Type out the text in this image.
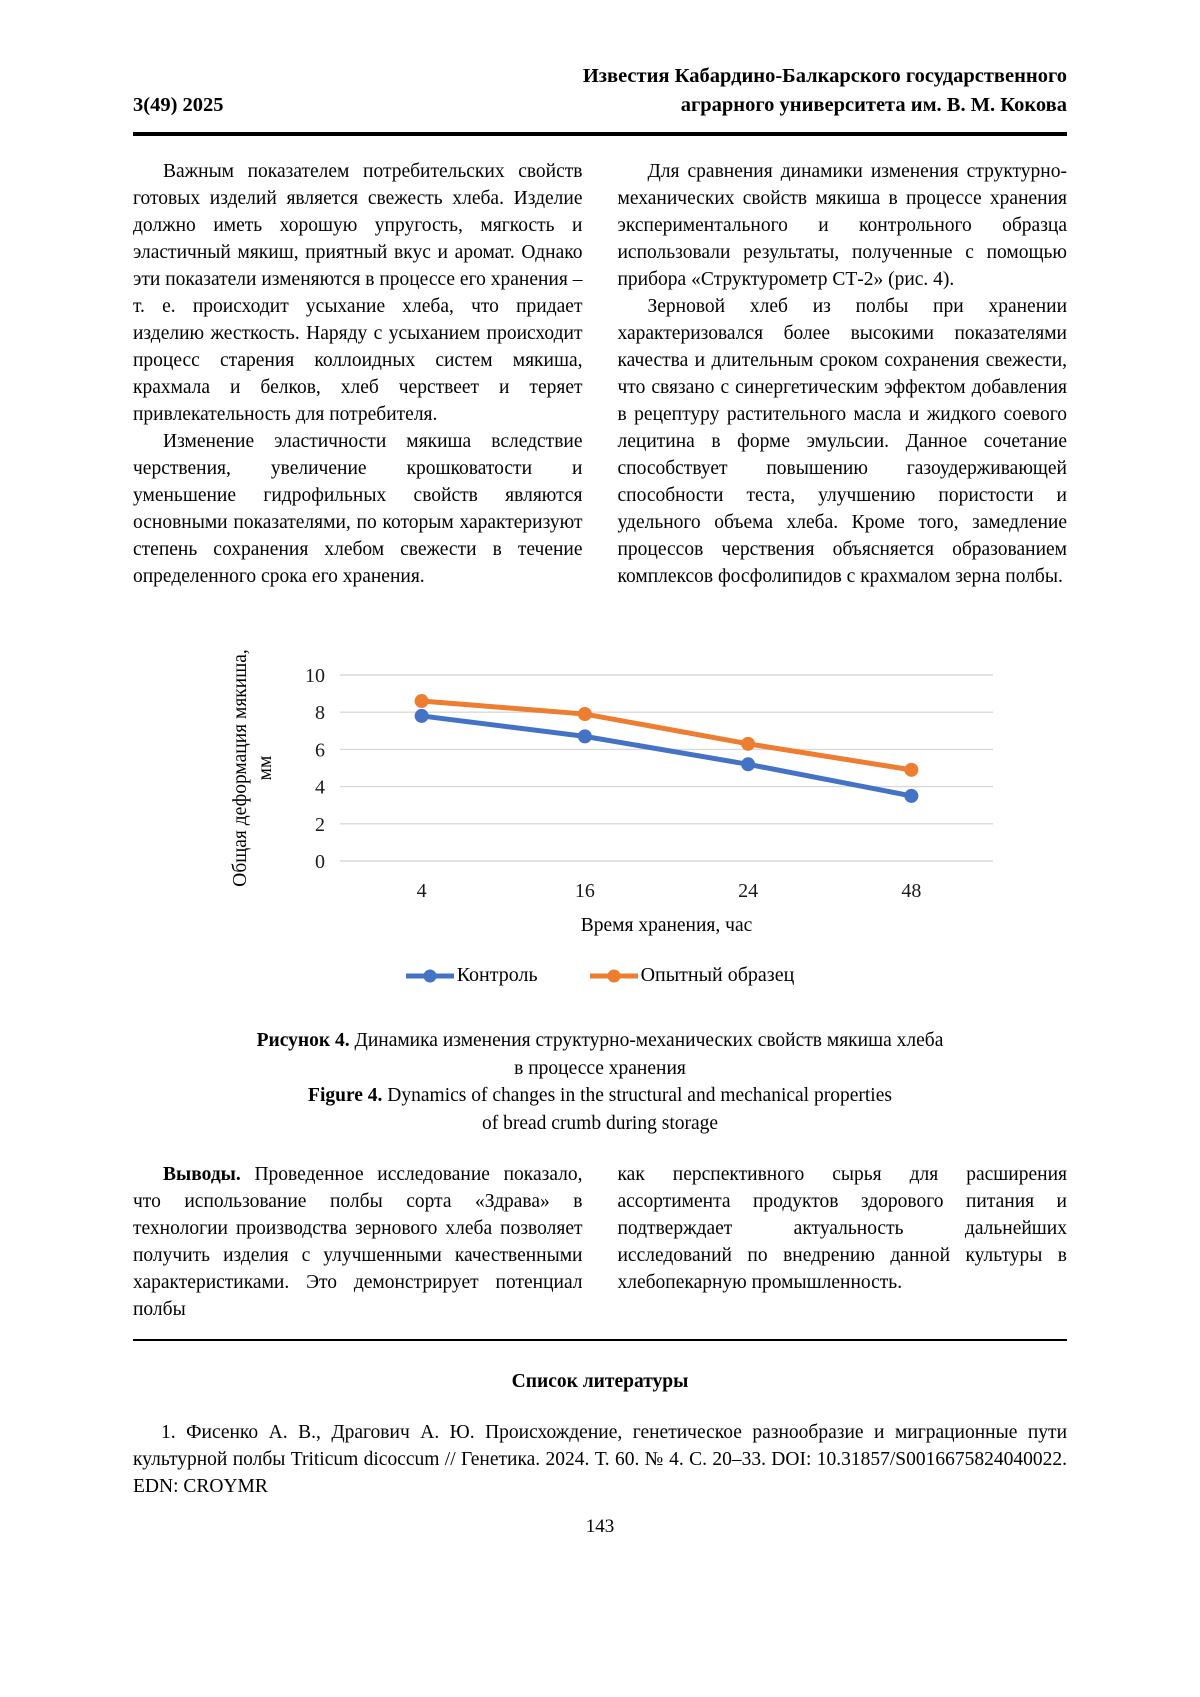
3(49) 2025
Известия Кабардино-Балкарского государственного
аграрного университета им. В. М. Кокова

Важным показателем потребительских свойств готовых изделий является свежесть хлеба. Изделие должно иметь хорошую упругость, мягкость и эластичный мякиш, приятный вкус и аромат. Однако эти показатели изменяются в процессе его хранения – т. е. происходит усыхание хлеба, что придает изделию жесткость. Наряду с усыханием происходит процесс старения коллоидных систем мякиша, крахмала и белков, хлеб черствеет и теряет привлекательность для потребителя.

Изменение эластичности мякиша вследствие черствения, увеличение крошковатости и уменьшение гидрофильных свойств являются основными показателями, по которым характеризуют степень сохранения хлебом свежести в течение определенного срока его хранения.

Для сравнения динамики изменения структурно-механических свойств мякиша в процессе хранения экспериментального и контрольного образца использовали результаты, полученные с помощью прибора «Структурометр СТ-2» (рис. 4).

Зерновой хлеб из полбы при хранении характеризовался более высокими показателями качества и длительным сроком сохранения свежести, что связано с синергетическим эффектом добавления в рецептуру растительного масла и жидкого соевого лецитина в форме эмульсии. Данное сочетание способствует повышению газоудерживающей способности теста, улучшению пористости и удельного объема хлеба. Кроме того, замедление процессов черствения объясняется образованием комплексов фосфолипидов с крахмалом зерна полбы.

Общая деформация мякиша, мм
10
8
6
4
2
0
4	16	24	48
Время хранения, час
Контроль	Опытный образец
Рисунок 4. Динамика изменения структурно-механических свойств мякиша хлеба
в процессе хранения
Figure 4. Dynamics of changes in the structural and mechanical properties
of bread crumb during storage

Выводы. Проведенное исследование показало, что использование полбы сорта «Здрава» в технологии производства зернового хлеба позволяет получить изделия с улучшенными качественными характеристиками. Это демонстрирует потенциал полбы

как перспективного сырья для расширения ассортимента продуктов здорового питания и подтверждает актуальность дальнейших исследований по внедрению данной культуры в хлебопекарную промышленность.

Список литературы

1. Фисенко А. В., Драгович А. Ю. Происхождение, генетическое разнообразие и миграционные пути культурной полбы Triticum dicoccum // Генетика. 2024. Т. 60. № 4. С. 20–33. DOI: 10.31857/S0016675824040022. EDN: CROYMR

143
